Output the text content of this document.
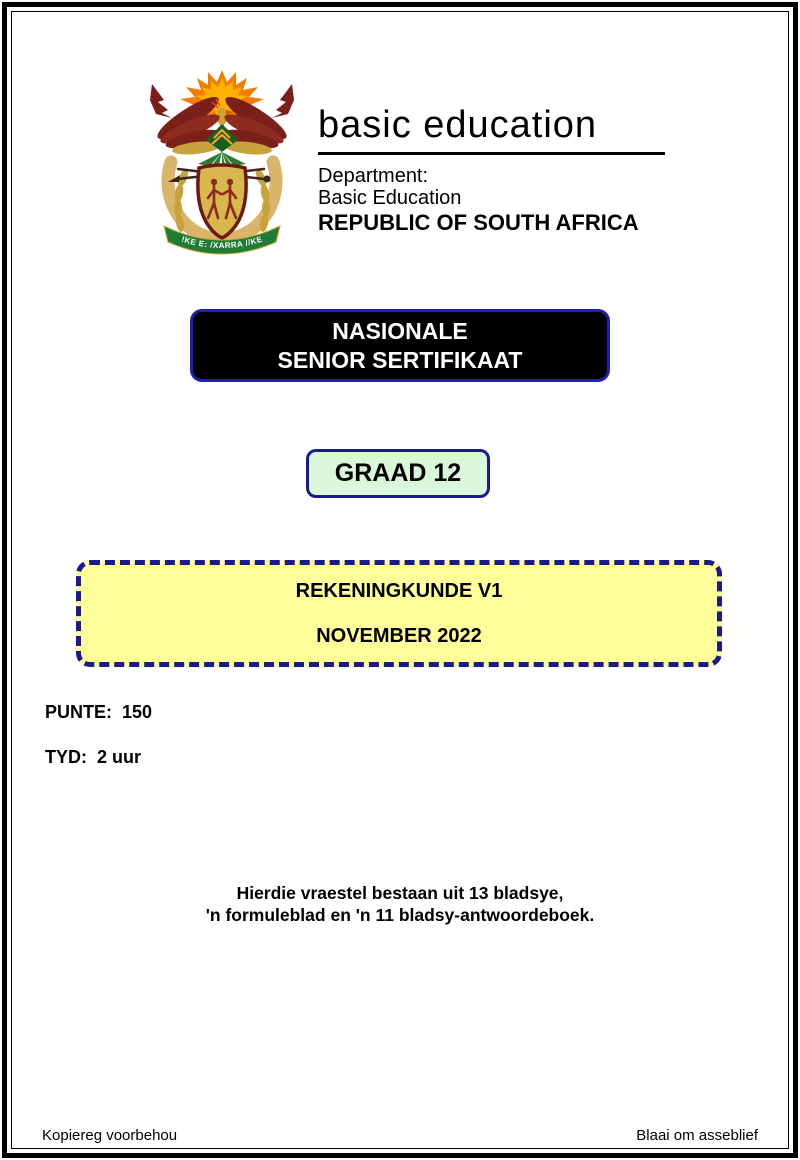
!KE E: /XARRA //KE
basic education
Department:
Basic Education
REPUBLIC OF SOUTH AFRICA
NASIONALE
SENIOR SERTIFIKAAT
GRAAD 12
REKENINGKUNDE V1
NOVEMBER 2022
PUNTE: 150
TYD: 2 uur
Hierdie vraestel bestaan uit 13 bladsye,
'n formuleblad en 'n 11 bladsy-antwoordeboek.
Kopiereg voorbehou	Blaai om asseblief
